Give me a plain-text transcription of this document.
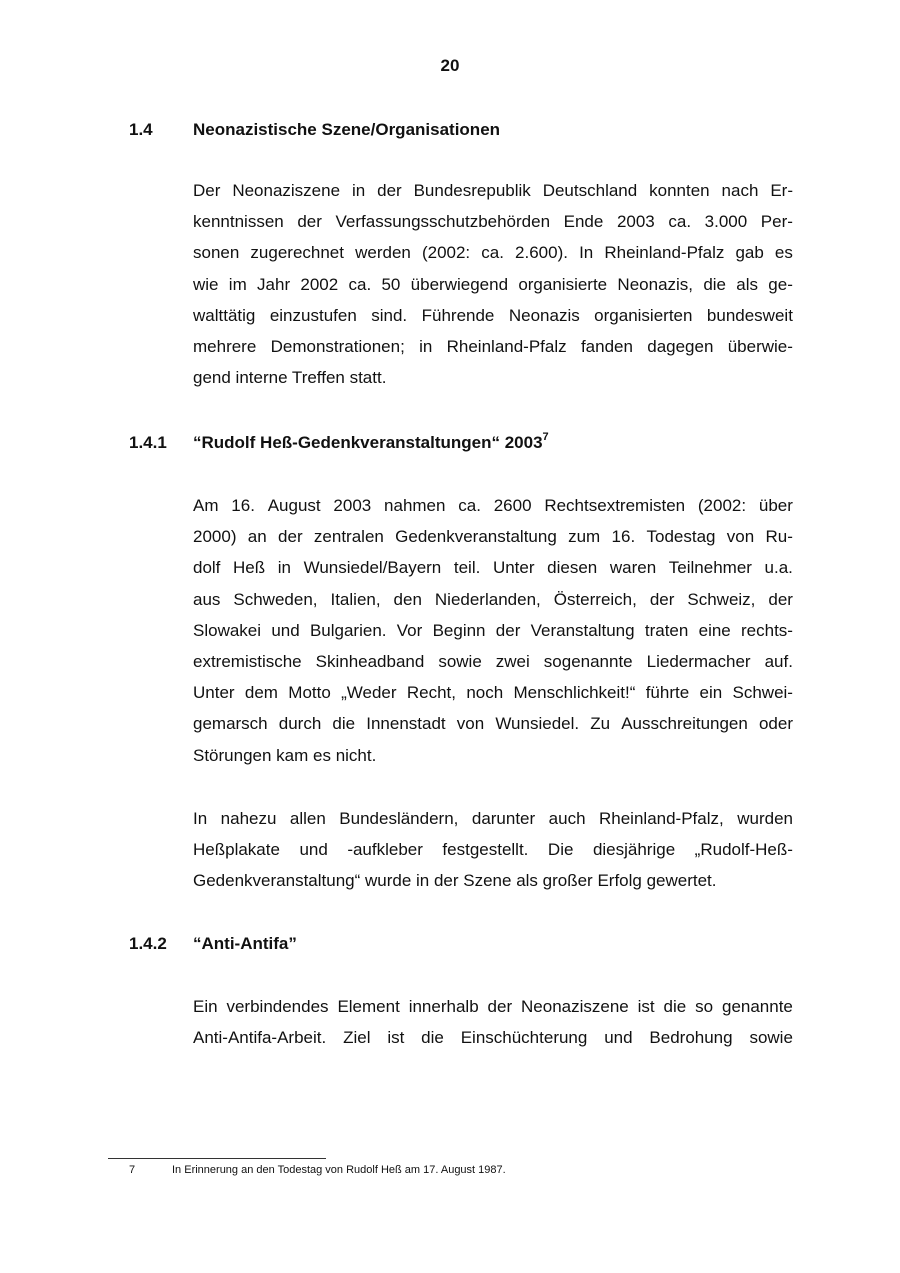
20
1.4 Neonazistische Szene/Organisationen
Der Neonaziszene in der Bundesrepublik Deutschland konnten nach Er-
kenntnissen der Verfassungsschutzbehörden Ende 2003 ca. 3.000 Per-
sonen zugerechnet werden (2002: ca. 2.600). In Rheinland-Pfalz gab es
wie im Jahr 2002 ca. 50 überwiegend organisierte Neonazis, die als ge-
walttätig einzustufen sind. Führende Neonazis organisierten bundesweit
mehrere Demonstrationen; in Rheinland-Pfalz fanden dagegen überwie-
gend interne Treffen statt.
1.4.1 “Rudolf Heß-Gedenkveranstaltungen“ 2003$^7$
Am 16. August 2003 nahmen ca. 2600 Rechtsextremisten (2002: über
2000) an der zentralen Gedenkveranstaltung zum 16. Todestag von Ru-
dolf Heß in Wunsiedel/Bayern teil. Unter diesen waren Teilnehmer u.a.
aus Schweden, Italien, den Niederlanden, Österreich, der Schweiz, der
Slowakei und Bulgarien. Vor Beginn der Veranstaltung traten eine rechts-
extremistische Skinheadband sowie zwei sogenannte Liedermacher auf.
Unter dem Motto „Weder Recht, noch Menschlichkeit!“ führte ein Schwei-
gemarsch durch die Innenstadt von Wunsiedel. Zu Ausschreitungen oder
Störungen kam es nicht.
In nahezu allen Bundesländern, darunter auch Rheinland-Pfalz, wurden
Heßplakate und -aufkleber festgestellt. Die diesjährige „Rudolf-Heß-
Gedenkveranstaltung“ wurde in der Szene als großer Erfolg gewertet.
1.4.2 “Anti-Antifa”
Ein verbindendes Element innerhalb der Neonaziszene ist die so genannte
Anti-Antifa-Arbeit. Ziel ist die Einschüchterung und Bedrohung sowie
7	In Erinnerung an den Todestag von Rudolf Heß am 17. August 1987.
